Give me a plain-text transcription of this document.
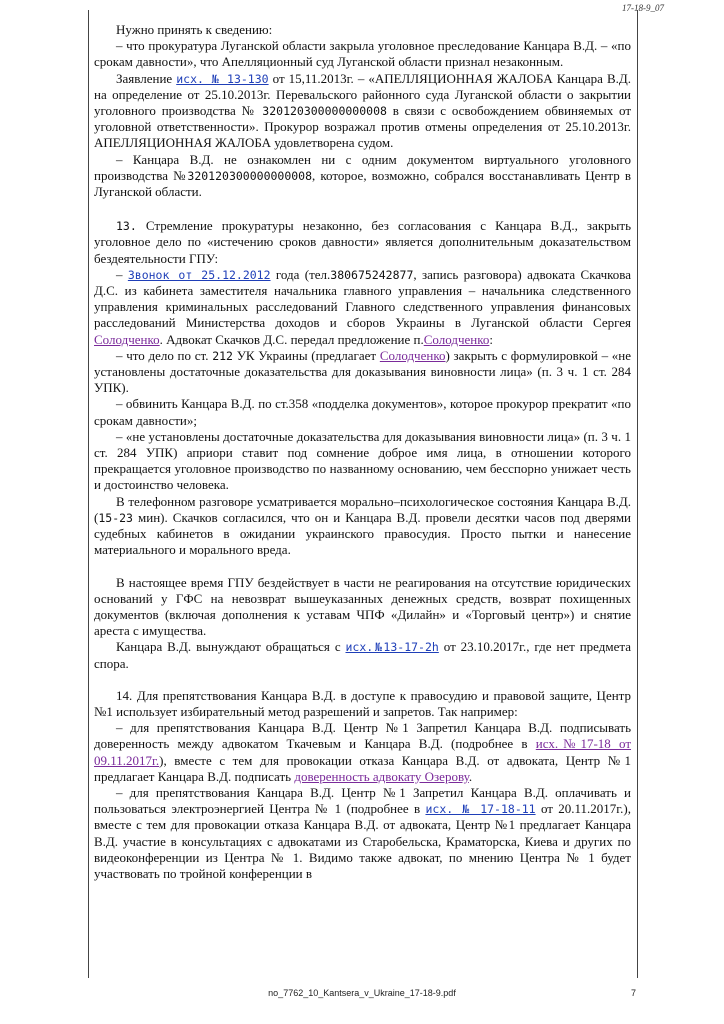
17-18-9_07

Нужно принять к сведению:

– что прокуратура Луганской области закрыла уголовное преследование Канцара В.Д. – «по срокам давности», что Апелляционный суд Луганской области признал незаконным.

Заявление исх. № 13-130 от 15,11.2013г. – «АПЕЛЛЯЦИОННАЯ ЖАЛОБА Канцара В.Д. на определение от 25.10.2013г. Перевальского районного суда Луганской области о закрытии уголовного производства № 320120300000000008 в связи с освобождением обвиняемых от уголовной ответственности». Прокурор возражал против отмены определения от 25.10.2013г. АПЕЛЛЯЦИОННАЯ ЖАЛОБА удовлетворена судом.

– Канцара В.Д. не ознакомлен ни с одним документом виртуального уголовного производства №320120300000000008, которое, возможно, собрался восстанавливать Центр в Луганской области.

13. Стремление прокуратуры незаконно, без согласования с Канцара В.Д., закрыть уголовное дело по «истечению сроков давности» является дополнительным доказательством бездеятельности ГПУ:

– Звонок от 25.12.2012 года (тел.380675242877, запись разговора) адвоката Скачкова Д.С. из кабинета заместителя начальника главного управления – начальника следственного управления криминальных расследований Главного следственного управления финансовых расследований Министерства доходов и сборов Украины в Луганской области Сергея Солодченко. Адвокат Скачков Д.С. передал предложение п.Солодченко:

– что дело по ст. 212 УК Украины (предлагает Солодченко) закрыть с формулировкой – «не установлены достаточные доказательства для доказывания виновности лица» (п. 3 ч. 1 ст. 284 УПК).

– обвинить Канцара В.Д. по ст.358 «подделка документов», которое прокурор прекратит «по срокам давности»;

– «не установлены достаточные доказательства для доказывания виновности лица» (п. 3 ч. 1 ст. 284 УПК) априори ставит под сомнение доброе имя лица, в отношении которого прекращается уголовное производство по названному основанию, чем бесспорно унижает честь и достоинство человека.

В телефонном разговоре усматривается морально–психологическое состояния Канцара В.Д. (15-23 мин). Скачков согласился, что он и Канцара В.Д. провели десятки часов под дверями судебных кабинетов в ожидании украинского правосудия. Просто пытки и нанесение материального и морального вреда.

В настоящее время ГПУ бездействует в части не реагирования на отсутствие юридических оснований у ГФС на невозврат вышеуказанных денежных средств, возврат похищенных документов (включая дополнения к уставам ЧПФ «Дилайн» и «Торговый центр») и снятие ареста с имущества.

Канцара В.Д. вынуждают обращаться с исх.№13-17-2h от 23.10.2017г., где нет предмета спора.

14. Для препятствования Канцара В.Д. в доступе к правосудию и правовой защите, Центр №1 использует избирательный метод разрешений и запретов. Так например:

– для препятствования Канцара В.Д. Центр №1 Запретил Канцара В.Д. подписывать доверенность между адвокатом Ткачевым и Канцара В.Д. (подробнее в исх.№17-18 от 09.11.2017г.), вместе с тем для провокации отказа Канцара В.Д. от адвоката, Центр №1 предлагает Канцара В.Д. подписать доверенность адвокату Озерову.

– для препятствования Канцара В.Д. Центр №1 Запретил Канцара В.Д. оплачивать и пользоваться электроэнергией Центра № 1 (подробнее в исх. № 17-18-11 от 20.11.2017г.), вместе с тем для провокации отказа Канцара В.Д. от адвоката, Центр №1 предлагает Канцара В.Д. участие в консультациях с адвокатами из Старобельска, Краматорска, Киева и других по видеоконференции из Центра № 1. Видимо также адвокат, по мнению Центра № 1 будет участвовать по тройной конференции в

no_7762_10_Kantsera_v_Ukraine_17-18-9.pdf	7
